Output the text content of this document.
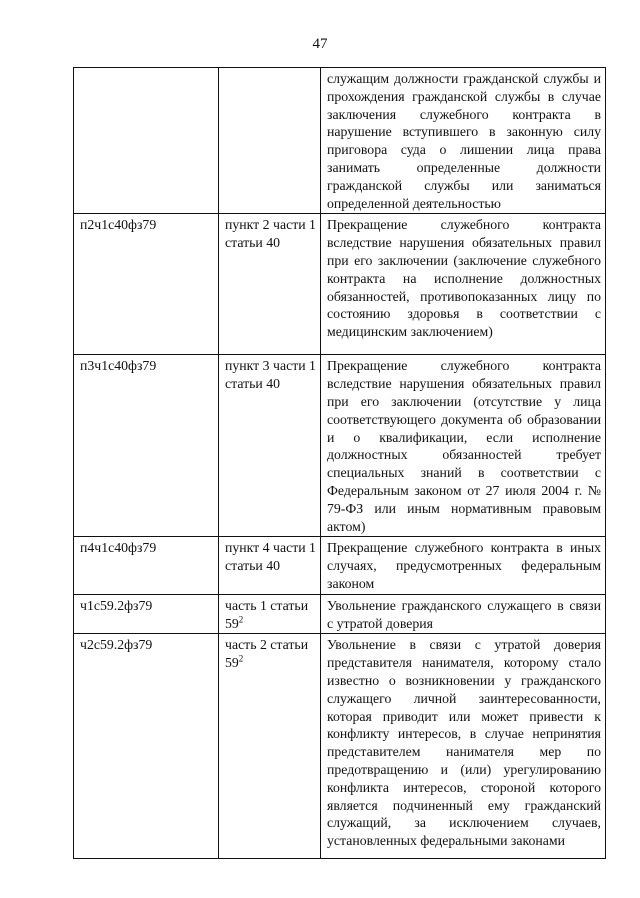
47
		служащим должности гражданской службы и прохождения гражданской службы в случае заключения служебного контракта в нарушение вступившего в законную силу приговора суда о лишении лица права занимать определенные должности гражданской службы или заниматься определенной деятельностью
п2ч1с40фз79	пункт 2 части 1 статьи 40	Прекращение служебного контракта вследствие нарушения обязательных правил при его заключении (заключение служебного контракта на исполнение должностных обязанностей, противопоказанных лицу по состоянию здоровья в соответствии с медицинским заключением)
п3ч1с40фз79	пункт 3 части 1 статьи 40	Прекращение служебного контракта вследствие нарушения обязательных правил при его заключении (отсутствие у лица соответствующего документа об образовании и о квалификации, если исполнение должностных обязанностей требует специальных знаний в соответствии с Федеральным законом от 27 июля 2004 г. № 79-ФЗ или иным нормативным правовым актом)
п4ч1с40фз79	пункт 4 части 1 статьи 40	Прекращение служебного контракта в иных случаях, предусмотренных федеральным законом
ч1с59.2фз79	часть 1 статьи $59^2$	Увольнение гражданского служащего в связи с утратой доверия
ч2с59.2фз79	часть 2 статьи $59^2$	Увольнение в связи с утратой доверия представителя нанимателя, которому стало известно о возникновении у гражданского служащего личной заинтересованности, которая приводит или может привести к конфликту интересов, в случае непринятия представителем нанимателя мер по предотвращению и (или) урегулированию конфликта интересов, стороной которого является подчиненный ему гражданский служащий, за исключением случаев, установленных федеральными законами
